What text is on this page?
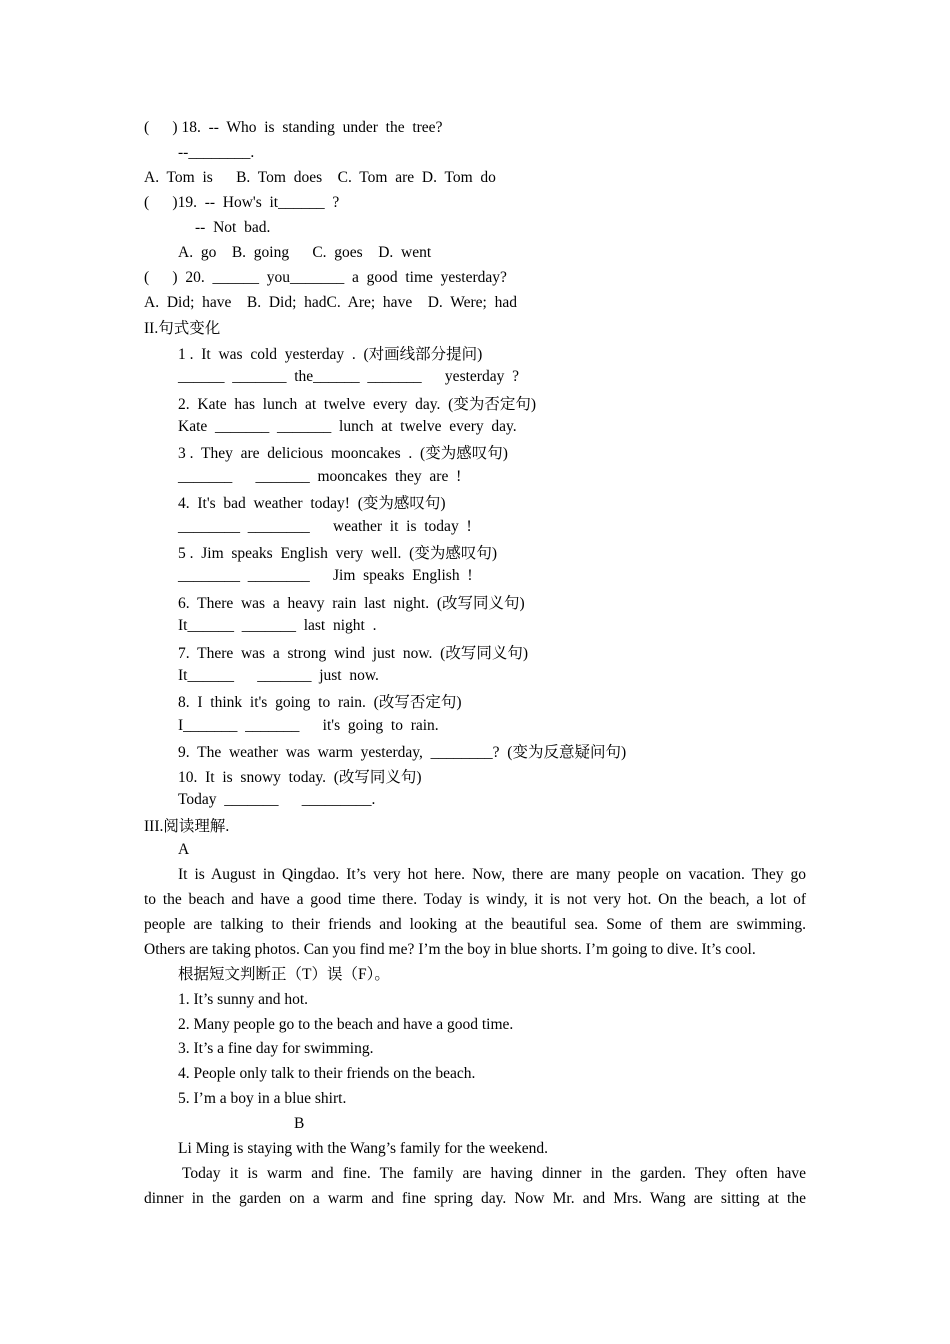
(      ) 18.  --  Who  is  standing  under  the  tree?
--________.
A.  Tom  is      B.  Tom  does    C.  Tom  are  D.  Tom  do
(      )19.  --  How's  it______  ?
--  Not  bad.
A.  go    B.  going      C.  goes    D.  went
(      )  20.  ______  you_______  a  good  time  yesterday?
A.  Did;  have    B.  Did;  hadC.  Are;  have    D.  Were;  had
II.句式变化
1 .  It  was  cold  yesterday  .  (对画线部分提问)
______  _______  the______  _______      yesterday  ?
2.  Kate  has  lunch  at  twelve  every  day.  (变为否定句)
Kate  _______  _______  lunch  at  twelve  every  day.
3 .  They  are  delicious  mooncakes  .  (变为感叹句)
_______      _______  mooncakes  they  are  !
4.  It's  bad  weather  today!  (变为感叹句)
________  ________      weather  it  is  today  !
5 .  Jim  speaks  English  very  well.  (变为感叹句)
________  ________      Jim  speaks  English  !
6.  There  was  a  heavy  rain  last  night.  (改写同义句)
It______  _______  last  night  .
7.  There  was  a  strong  wind  just  now.  (改写同义句)
It______      _______  just  now.
8.  I  think  it's  going  to  rain.  (改写否定句)
I_______  _______      it's  going  to  rain.
9.  The  weather  was  warm  yesterday,  ________?  (变为反意疑问句)
10.  It  is  snowy  today.  (改写同义句)
Today  _______      _________.
III.阅读理解.
A
It is August in Qingdao. It’s very hot here. Now, there are many people on vacation. They go
to the beach and have a good time there. Today is windy, it is not very hot. On the beach, a lot of
people are talking to their friends and looking at the beautiful sea. Some of them are swimming.
Others are taking photos. Can you find me? I’m the boy in blue shorts. I’m going to dive. It’s cool.
根据短文判断正（T）误（F）。
1. It’s sunny and hot.
2. Many people go to the beach and have a good time.
3. It’s a fine day for swimming.
4. People only talk to their friends on the beach.
5. I’m a boy in a blue shirt.
B
Li Ming is staying with the Wang’s family for the weekend.
Today it is warm and fine. The family are having dinner in the garden. They often have
dinner in the garden on a warm and fine spring day. Now Mr. and Mrs. Wang are sitting at the
